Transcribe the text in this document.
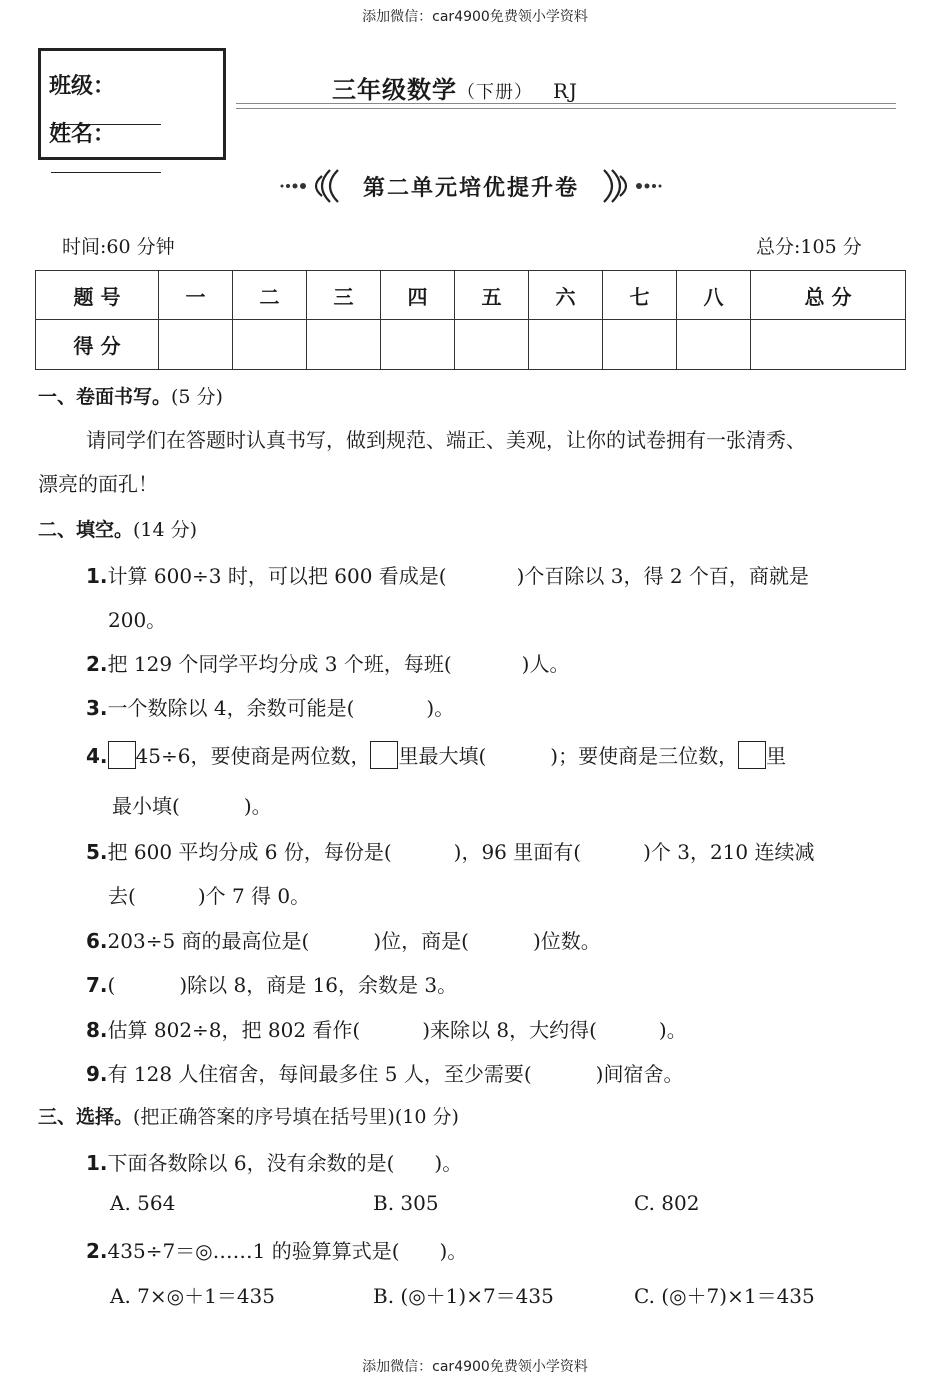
添加微信：car4900免费领小学资料
班级：
姓名：
三年级数学（下册） RJ
第二单元培优提升卷
时间:60 分钟	总分:105 分
题 号	一	二	三	四	五	六	七	八	总 分
得 分									
一、卷面书写。(5 分)
请同学们在答题时认真书写，做到规范、端正、美观，让你的试卷拥有一张清秀、
漂亮的面孔！
二、填空。(14 分)
1.计算 600÷3 时，可以把 600 看成是(	)个百除以 3，得 2 个百，商就是
200。
2.把 129 个同学平均分成 3 个班，每班(	)人。
3.一个数除以 4，余数可能是(	)。
4. 45÷6，要使商是两位数， 里最大填(	)；要使商是三位数， 里
最小填(	)。
5.把 600 平均分成 6 份，每份是(	)，96 里面有(	)个 3，210 连续减
去(	)个 7 得 0。
6.203÷5 商的最高位是(	)位，商是(	)位数。
7.(	)除以 8，商是 16，余数是 3。
8.估算 802÷8，把 802 看作(	)来除以 8，大约得(	)。
9.有 128 人住宿舍，每间最多住 5 人，至少需要(	)间宿舍。
三、选择。(把正确答案的序号填在括号里)(10 分)
1.下面各数除以 6，没有余数的是(　　)。
A. 564	B. 305	C. 802
2.435÷7＝◎……1 的验算算式是(　　)。
A. 7×◎＋1＝435	B. (◎＋1)×7＝435	C. (◎＋7)×1＝435
添加微信：car4900免费领小学资料
